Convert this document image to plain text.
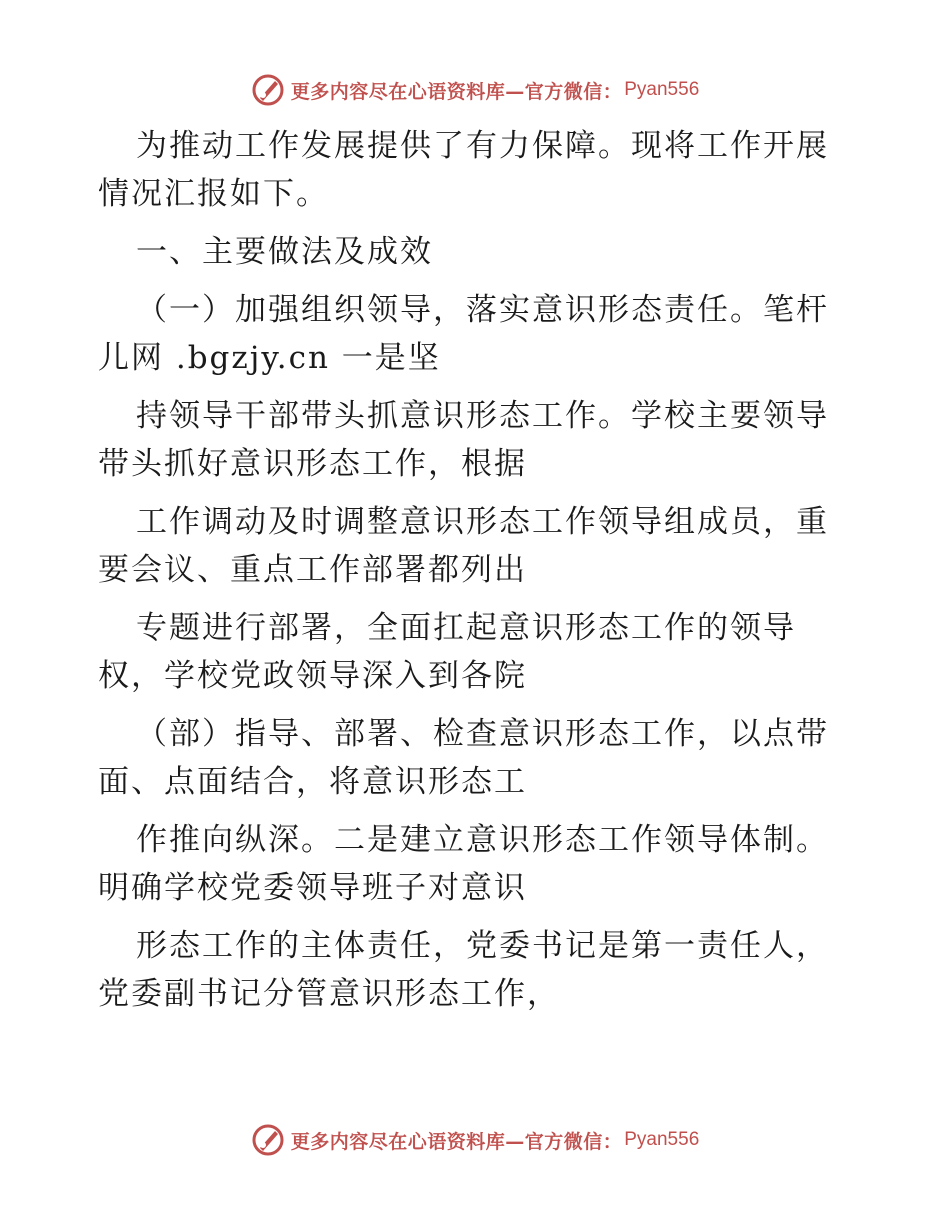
更多内容尽在心语资料库—官方微信： Pyan556

为推动工作发展提供了有力保障。现将工作开展
情况汇报如下。

一、主要做法及成效

（一）加强组织领导，落实意识形态责任。笔杆
儿网 .bgzjy.cn 一是坚

持领导干部带头抓意识形态工作。学校主要领导
带头抓好意识形态工作，根据

工作调动及时调整意识形态工作领导组成员，重
要会议、重点工作部署都列出

专题进行部署，全面扛起意识形态工作的领导
权，学校党政领导深入到各院

（部）指导、部署、检查意识形态工作，以点带
面、点面结合，将意识形态工

作推向纵深。二是建立意识形态工作领导体制。
明确学校党委领导班子对意识

形态工作的主体责任，党委书记是第一责任人，
党委副书记分管意识形态工作，

更多内容尽在心语资料库—官方微信： Pyan556
